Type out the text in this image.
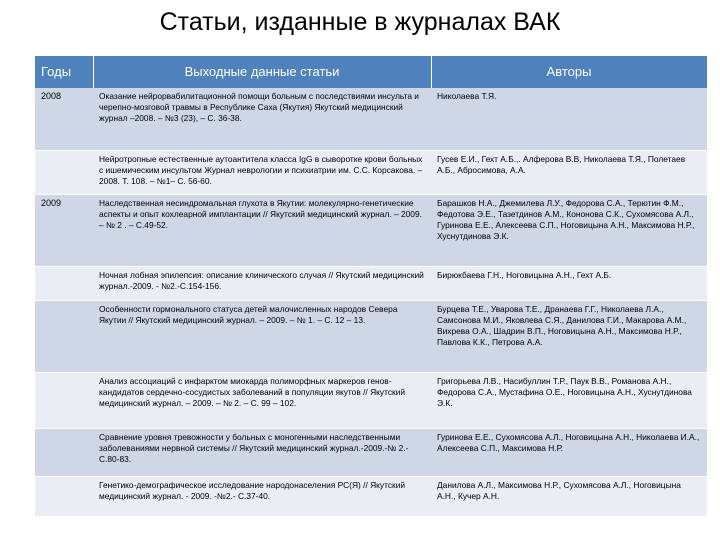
Статьи, изданные в журналах ВАК
Годы	Выходные данные статьи	Авторы
2008	Оказание нейрорвабилитационной помощи больным с последствиями инсульта и черепно-мозговой травмы в Республике Саха (Якутия) Якутский медицинский журнал –2008. – №3 (23), – С. 36-38.	Николаева Т.Я.
	Нейротропные естественные аутоантитела класса IgG в сыворотке крови больных с ишемическим инсультом Журнал неврологии и психиатрии им. С.С. Корсакова. – 2008. Т. 108. – №1– С. 56-60.	Гусев Е.И., Гехт А.Б.,. Алферова В.В, Николаева Т.Я., Полетаев А.Б., Абросимова, А.А.
2009	Наследственная несиндромальная глухота в Якутии: молекулярно-генетические аспекты и опыт кохлеарной имплантации // Якутский медицинский журнал. – 2009. – № 2 . – С.49-52.	Барашков Н.А., Джемилева Л.У., Федорова С.А., Терютин Ф.М., Федотова Э.Е., Тазетдинов А.М., Кононова С.К., Сухомясова А.Л., Гуринова Е.Е., Алексеева С.П., Ноговицына А.Н., Максимова Н.Р., Хуснутдинова Э.К.
	Ночная лобная эпилепсия: описание клинического случая // Якутский медицинский журнал.-2009. - №2.-С.154-156.	Бирюкбаева Г.Н., Ноговицына А.Н., Гехт А.Б.
	Особенности гормонального статуса детей малочисленных народов Севера Якутии // Якутский медицинский журнал. – 2009. – № 1. – С. 12 – 13.	Бурцева Т.Е., Уварова Т.Е., Дранаева Г.Г., Николаева Л.А., Самсонова М.И., Яковлева С.Я., Данилова Г.И., Макарова А.М., Вихрева О.А., Шадрин В.П., Ноговицына А.Н., Максимова Н.Р., Павлова К.К., Петрова А.А.
	Анализ ассоциаций с инфарктом миокарда полиморфных маркеров генов-кандидатов сердечно-сосудистых заболеваний в популяции якутов // Якутский медицинский журнал. – 2009. – № 2. – С. 99 – 102.	Григорьева Л.В., Насибуллин Т.Р., Паук В.В., Романова А.Н., Федорова С.А., Мустафина О.Е., Ноговицына А.Н., Хуснутдинова Э.К.
	Сравнение уровня тревожности у больных с моногенными наследственными заболеваниями нервной системы // Якутский медицинский журнал.-2009.-№ 2.-С.80-83.	Гуринова Е.Е., Сухомясова А.Л., Ноговицына А.Н., Николаева И.А., Алексеева С.П., Максимова Н.Р.
	Генетико-демографическое исследование народонаселения РС(Я) // Якутский медицинский журнал. - 2009. -№2.- С.37-40.	Данилова А.Л., Максимова Н.Р., Сухомясова А.Л., Ноговицына А.Н., Кучер А.Н.
